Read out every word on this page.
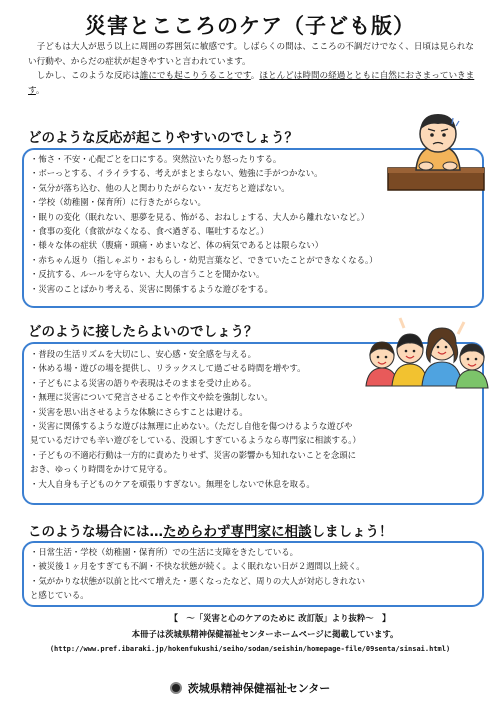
災害とこころのケア（子ども版）

子どもは大人が思う以上に周囲の雰囲気に敏感です。しばらくの間は、こころの不調だけでなく、日頃は見られない行動や、からだの症状が起きやすいと言われています。

しかし、このような反応は誰にでも起こりうることです。ほとんどは時間の経過とともに自然におさまっていきます。

どのような反応が起こりやすいのでしょう？
・怖さ・不安・心配ごとを口にする。突然泣いたり怒ったりする。
・ボーっとする、イライラする、考えがまとまらない、勉強に手がつかない。
・気分が落ち込む、他の人と関わりたがらない・友だちと遊ばない。
・学校（幼稚園・保育所）に行きたがらない。
・眠りの変化（眠れない、悪夢を見る、怖がる、おねしょする、大人から離れないなど。）
・食事の変化（食欲がなくなる、食べ過ぎる、嘔吐するなど。）
・様々な体の症状（腹痛・頭痛・めまいなど、体の病気であるとは限らない）
・赤ちゃん返り（指しゃぶり・おもらし・幼児言葉など、できていたことができなくなる。）
・反抗する、ルールを守らない、大人の言うことを聞かない。
・災害のことばかり考える、災害に関係するような遊びをする。
どのように接したらよいのでしょう？
・普段の生活リズムを大切にし、安心感・安全感を与える。
・休める場・遊びの場を提供し、リラックスして過ごせる時間を増やす。
・子どもによる災害の語りや表現はそのままを受け止める。
・無理に災害について発言させることや作文や絵を強制しない。
・災害を思い出させるような体験にさらすことは避ける。
・災害に関係するような遊びは無理に止めない。（ただし自他を傷つけるような遊びや
見ているだけでも辛い遊びをしている、没頭しすぎているようなら専門家に相談する。）
・子どもの不適応行動は一方的に責めたりせず、災害の影響かも知れないことを念頭に
おき、ゆっくり時間をかけて見守る。
・大人自身も子どものケアを頑張りすぎない。無理をしないで休息を取る。
このような場合には…ためらわず専門家に相談しましょう！
・日常生活・学校（幼稚園・保育所）での生活に支障をきたしている。
・被災後１ヶ月をすぎても不調・不快な状態が続く。よく眠れない日が２週間以上続く。
・気がかりな状態が以前と比べて増えた・悪くなったなど、周りの大人が対応しきれない
と感じている。
【　～「災害と心のケアのために 改訂版」より抜粋～　】
本冊子は茨城県精神保健福祉センターホームページに掲載しています。
(http://www.pref.ibaraki.jp/hokenfukushi/seiho/sodan/seishin/homepage-file/09senta/sinsai.html)
茨城県精神保健福祉センター
